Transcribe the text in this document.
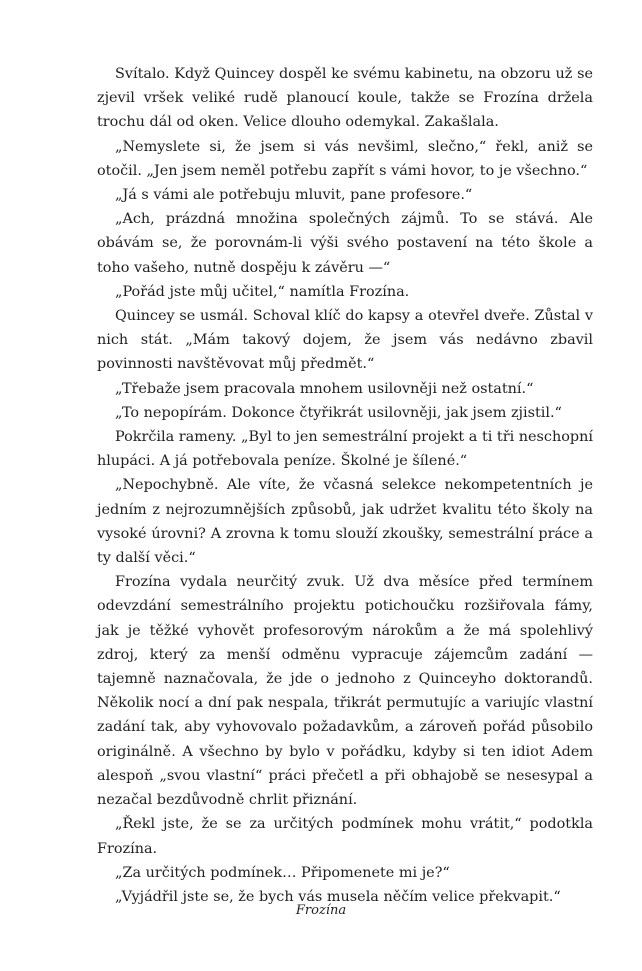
Svítalo. Když Quincey dospěl ke svému kabinetu, na obzoru už se zjevil vršek veliké rudě planoucí koule, takže se Frozína držela trochu dál od oken. Velice dlouho odemykal. Zakašlala.

„Nemyslete si, že jsem si vás nevšiml, slečno,“ řekl, aniž se otočil. „Jen jsem neměl potřebu zapřít s vámi hovor, to je všechno.“

„Já s vámi ale potřebuju mluvit, pane profesore.“

„Ach, prázdná množina společných zájmů. To se stává. Ale obávám se, že porovnám-li výši svého postavení na této škole a toho vašeho, nutně dospěju k závěru —“

„Pořád jste můj učitel,“ namítla Frozína.

Quincey se usmál. Schoval klíč do kapsy a otevřel dveře. Zůstal v nich stát. „Mám takový dojem, že jsem vás nedávno zbavil povinnosti navštěvovat můj předmět.“

„Třebaže jsem pracovala mnohem usilovněji než ostatní.“

„To nepopírám. Dokonce čtyřikrát usilovněji, jak jsem zjistil.“

Pokrčila rameny. „Byl to jen semestrální projekt a ti tři neschopní hlupáci. A já potřebovala peníze. Školné je šílené.“

„Nepochybně. Ale víte, že včasná selekce nekompetentních je jedním z nejrozumnějších způsobů, jak udržet kvalitu této školy na vysoké úrovni? A zrovna k tomu slouží zkoušky, semestrální práce a ty další věci.“

Frozína vydala neurčitý zvuk. Už dva měsíce před termínem odevzdání semestrálního projektu potichoučku rozšiřovala fámy, jak je těžké vyhovět profesorovým nárokům a že má spolehlivý zdroj, který za menší odměnu vypracuje zájemcům zadání — tajemně naznačovala, že jde o jednoho z Quinceyho doktorandů. Několik nocí a dní pak nespala, třikrát permutujíc a variujíc vlastní zadání tak, aby vyhovovalo požadavkům, a zároveň pořád působilo originálně. A všechno by bylo v pořádku, kdyby si ten idiot Adem alespoň „svou vlastní“ práci přečetl a při obhajobě se nesesypal a nezačal bezdůvodně chrlit přiznání.

„Řekl jste, že se za určitých podmínek mohu vrátit,“ podotkla Frozína.

„Za určitých podmínek… Připomenete mi je?“

„Vyjádřil jste se, že bych vás musela něčím velice překvapit.“

Frozína
